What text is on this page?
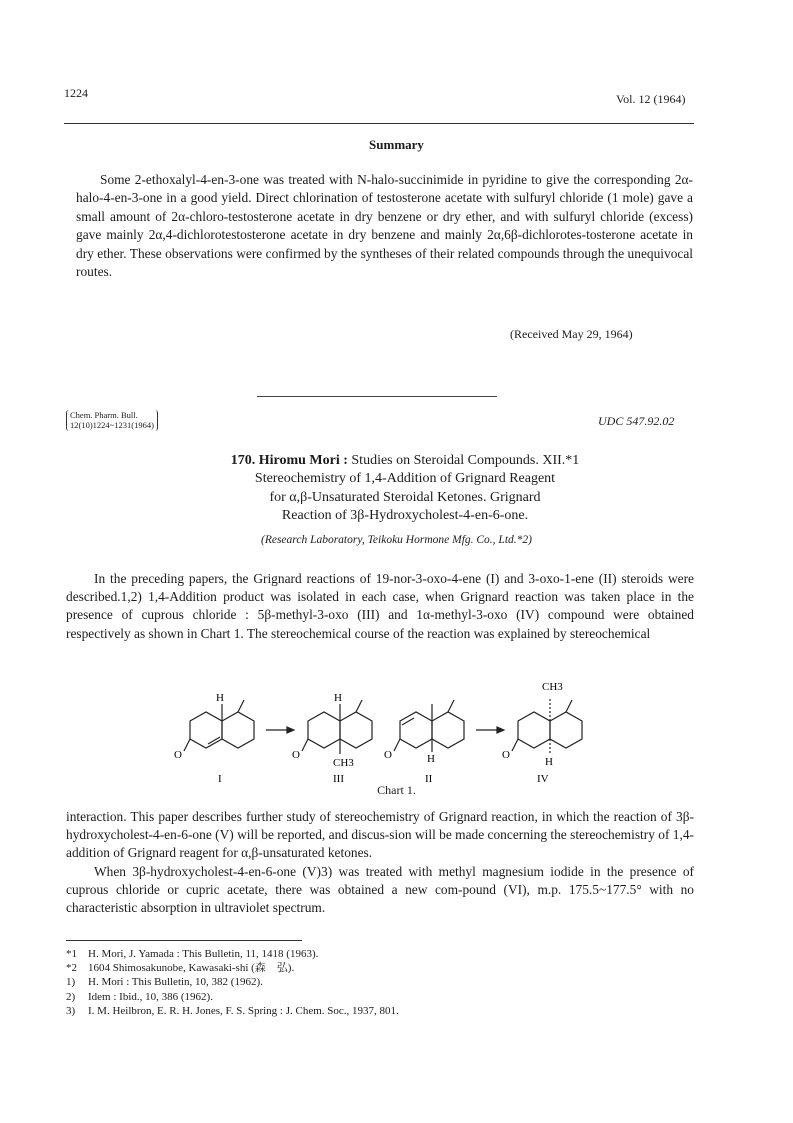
1224	Vol. 12 (1964)
Summary

Some 2-ethoxalyl-4-en-3-one was treated with N-halo-succinimide in pyridine to give the corresponding 2α-halo-4-en-3-one in a good yield. Direct chlorination of testosterone acetate with sulfuryl chloride (1 mole) gave a small amount of 2α-chloro-testosterone acetate in dry benzene or dry ether, and with sulfuryl chloride (excess) gave mainly 2α,4-dichlorotestosterone acetate in dry benzene and mainly 2α,6β-dichlorotes-tosterone acetate in dry ether. These observations were confirmed by the syntheses of their related compounds through the unequivocal routes.

(Received May 29, 1964)
Chem. Pharm. Bull.
12(10)1224~1231(1964)	UDC 547.92.02
170. Hiromu Mori : Studies on Steroidal Compounds. XII.*1
Stereochemistry of 1,4-Addition of Grignard Reagent
for α,β-Unsaturated Steroidal Ketones. Grignard
Reaction of 3β-Hydroxycholest-4-en-6-one.
(Research Laboratory, Teikoku Hormone Mfg. Co., Ltd.*2)

In the preceding papers, the Grignard reactions of 19-nor-3-oxo-4-ene (I) and 3-oxo-1-ene (II) steroids were described.1,2) 1,4-Addition product was isolated in each case, when Grignard reaction was taken place in the presence of cuprous chloride : 5β-methyl-3-oxo (III) and 1α-methyl-3-oxo (IV) compound were obtained respectively as shown in Chart 1. The stereochemical course of the reaction was explained by stereochemical

H
O
H
O
CH3
O	H
CH3
O
H
I	III	II	IV
Chart 1.

interaction. This paper describes further study of stereochemistry of Grignard reaction, in which the reaction of 3β-hydroxycholest-4-en-6-one (V) will be reported, and discus-sion will be made concerning the stereochemistry of 1,4-addition of Grignard reagent for α,β-unsaturated ketones.

When 3β-hydroxycholest-4-en-6-one (V)3) was treated with methyl magnesium iodide in the presence of cuprous chloride or cupric acetate, there was obtained a new com-pound (VI), m.p. 175.5~177.5° with no characteristic absorption in ultraviolet spectrum.

*1 H. Mori, J. Yamada : This Bulletin, 11, 1418 (1963).
*2 1604 Shimosakunobe, Kawasaki-shi (森　弘).
1) H. Mori : This Bulletin, 10, 382 (1962).
2) Idem : Ibid., 10, 386 (1962).
3) I. M. Heilbron, E. R. H. Jones, F. S. Spring : J. Chem. Soc., 1937, 801.
